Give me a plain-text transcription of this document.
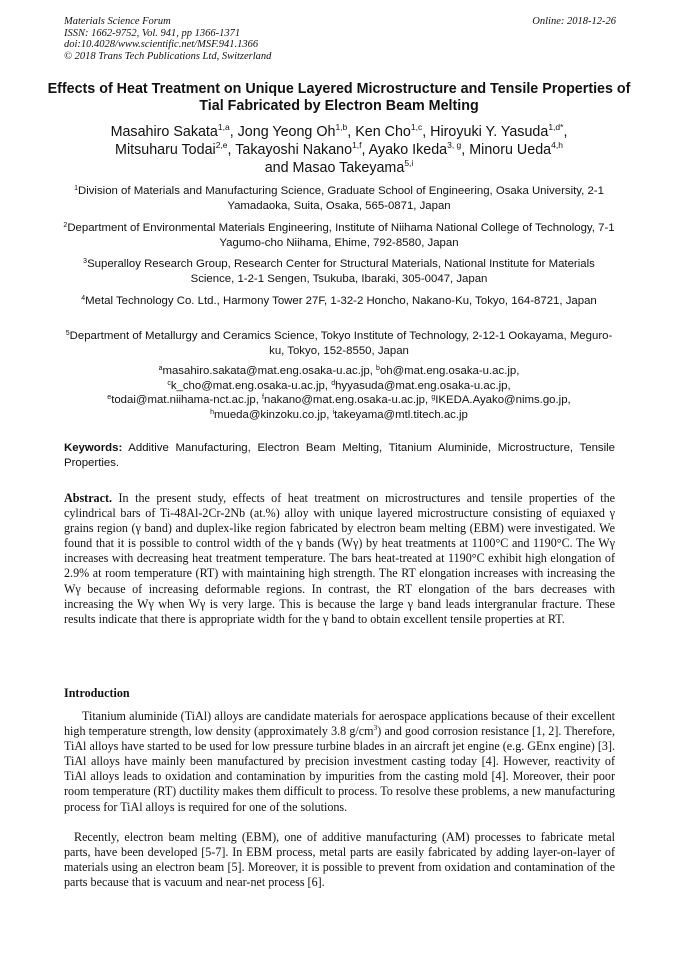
Materials Science Forum
ISSN: 1662-9752, Vol. 941, pp 1366-1371
doi:10.4028/www.scientific.net/MSF.941.1366
© 2018 Trans Tech Publications Ltd, Switzerland
Online: 2018-12-26
Effects of Heat Treatment on Unique Layered Microstructure and Tensile Properties of Tial Fabricated by Electron Beam Melting
Masahiro Sakata$^{1,a}$, Jong Yeong Oh$^{1,b}$, Ken Cho$^{1,c}$, Hiroyuki Y. Yasuda$^{1,d*}$,
Mitsuharu Todai$^{2,e}$, Takayoshi Nakano$^{1,f}$, Ayako Ikeda$^{3, g}$, Minoru Ueda$^{4,h}$
and Masao Takeyama$^{5,i}$
$^1$Division of Materials and Manufacturing Science, Graduate School of Engineering, Osaka University, 2-1 Yamadaoka, Suita, Osaka, 565-0871, Japan
$^2$Department of Environmental Materials Engineering, Institute of Niihama National College of Technology, 7-1 Yagumo-cho Niihama, Ehime, 792-8580, Japan
$^3$Superalloy Research Group, Research Center for Structural Materials, National Institute for Materials Science, 1-2-1 Sengen, Tsukuba, Ibaraki, 305-0047, Japan
$^4$Metal Technology Co. Ltd., Harmony Tower 27F, 1-32-2 Honcho, Nakano-Ku, Tokyo, 164-8721, Japan
$^5$Department of Metallurgy and Ceramics Science, Tokyo Institute of Technology, 2-12-1 Ookayama, Meguro-ku, Tokyo, 152-8550, Japan
$^a$masahiro.sakata@mat.eng.osaka-u.ac.jp, $^b$oh@mat.eng.osaka-u.ac.jp,
$^c$k_cho@mat.eng.osaka-u.ac.jp, $^d$hyyasuda@mat.eng.osaka-u.ac.jp,
$^e$todai@mat.niihama-nct.ac.jp, $^f$nakano@mat.eng.osaka-u.ac.jp, $^g$IKEDA.Ayako@nims.go.jp,
$^h$mueda@kinzoku.co.jp, $^i$takeyama@mtl.titech.ac.jp
Keywords: Additive Manufacturing, Electron Beam Melting, Titanium Aluminide, Microstructure, Tensile Properties.
Abstract. In the present study, effects of heat treatment on microstructures and tensile properties of the cylindrical bars of Ti-48Al-2Cr-2Nb (at.%) alloy with unique layered microstructure consisting of equiaxed γ grains region (γ band) and duplex-like region fabricated by electron beam melting (EBM) were investigated. We found that it is possible to control width of the γ bands (Wγ) by heat treatments at 1100°C and 1190°C. The Wγ increases with decreasing heat treatment temperature. The bars heat-treated at 1190°C exhibit high elongation of 2.9% at room temperature (RT) with maintaining high strength. The RT elongation increases with increasing the Wγ because of increasing deformable regions. In contrast, the RT elongation of the bars decreases with increasing the Wγ when Wγ is very large. This is because the large γ band leads intergranular fracture. These results indicate that there is appropriate width for the γ band to obtain excellent tensile properties at RT.
Introduction
Titanium aluminide (TiAl) alloys are candidate materials for aerospace applications because of their excellent high temperature strength, low density (approximately 3.8 $g/cm^3$) and good corrosion resistance [1, 2]. Therefore, TiAl alloys have started to be used for low pressure turbine blades in an aircraft jet engine (e.g. GEnx engine) [3]. TiAl alloys have mainly been manufactured by precision investment casting today [4]. However, reactivity of TiAl alloys leads to oxidation and contamination by impurities from the casting mold [4]. Moreover, their poor room temperature (RT) ductility makes them difficult to process. To resolve these problems, a new manufacturing process for TiAl alloys is required for one of the solutions.
Recently, electron beam melting (EBM), one of additive manufacturing (AM) processes to fabricate metal parts, have been developed [5-7]. In EBM process, metal parts are easily fabricated by adding layer-on-layer of materials using an electron beam [5]. Moreover, it is possible to prevent from oxidation and contamination of the parts because that is vacuum and near-net process [6].
